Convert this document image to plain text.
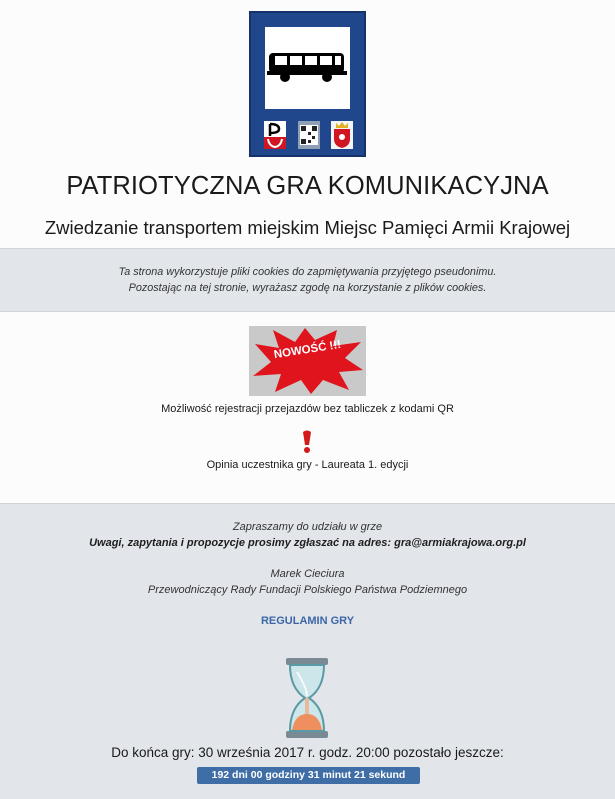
PATRIOTYCZNA GRA KOMUNIKACYJNA
Zwiedzanie transportem miejskim Miejsc Pamięci Armii Krajowej
Ta strona wykorzystuje pliki cookies do zapmiętywania przyjętego pseudonimu.
Pozostając na tej stronie, wyrażasz zgodę na korzystanie z plików cookies.
NOWOŚĆ !!!
Możliwość rejestracji przejazdów bez tabliczek z kodami QR
Opinia uczestnika gry - Laureata 1. edycji
Zapraszamy do udziału w grze
Uwagi, zapytania i propozycje prosimy zgłaszać na adres: gra@armiakrajowa.org.pl
Marek Cieciura
Przewodniczący Rady Fundacji Polskiego Państwa Podziemnego
REGULAMIN GRY
Do końca gry: 30 września 2017 r. godz. 20:00 pozostało jeszcze:
192 dni 00 godziny 31 minut 21 sekund
